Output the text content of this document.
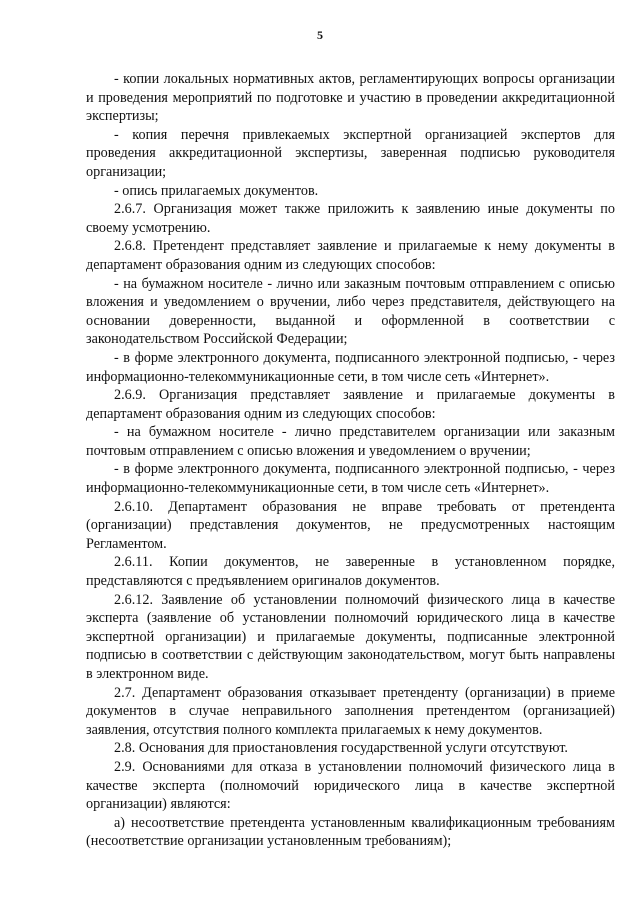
5

- копии локальных нормативных актов, регламентирующих вопросы организации и проведения мероприятий по подготовке и участию в проведении аккредитационной экспертизы;

- копия перечня привлекаемых экспертной организацией экспертов для проведения аккредитационной экспертизы, заверенная подписью руководителя организации;

- опись прилагаемых документов.

2.6.7. Организация может также приложить к заявлению иные документы по своему усмотрению.

2.6.8. Претендент представляет заявление и прилагаемые к нему документы в департамент образования одним из следующих способов:

- на бумажном носителе - лично или заказным почтовым отправлением с описью вложения и уведомлением о вручении, либо через представителя, действующего на основании доверенности, выданной и оформленной в соответствии с законодательством Российской Федерации;

- в форме электронного документа, подписанного электронной подписью, - через информационно-телекоммуникационные сети, в том числе сеть «Интернет».

2.6.9. Организация представляет заявление и прилагаемые документы в департамент образования одним из следующих способов:

- на бумажном носителе - лично представителем организации или заказным почтовым отправлением с описью вложения и уведомлением о вручении;

- в форме электронного документа, подписанного электронной подписью, - через информационно-телекоммуникационные сети, в том числе сеть «Интернет».

2.6.10. Департамент образования не вправе требовать от претендента (организации) представления документов, не предусмотренных настоящим Регламентом.

2.6.11. Копии документов, не заверенные в установленном порядке, представляются с предъявлением оригиналов документов.

2.6.12. Заявление об установлении полномочий физического лица в качестве эксперта (заявление об установлении полномочий юридического лица в качестве экспертной организации) и прилагаемые документы, подписанные электронной подписью в соответствии с действующим законодательством, могут быть направлены в электронном виде.

2.7. Департамент образования отказывает претенденту (организации) в приеме документов в случае неправильного заполнения претендентом (организацией) заявления, отсутствия полного комплекта прилагаемых к нему документов.

2.8. Основания для приостановления государственной услуги отсутствуют.

2.9. Основаниями для отказа в установлении полномочий физического лица в качестве эксперта (полномочий юридического лица в качестве экспертной организации) являются:

а) несоответствие претендента установленным квалификационным требованиям (несоответствие организации установленным требованиям);
